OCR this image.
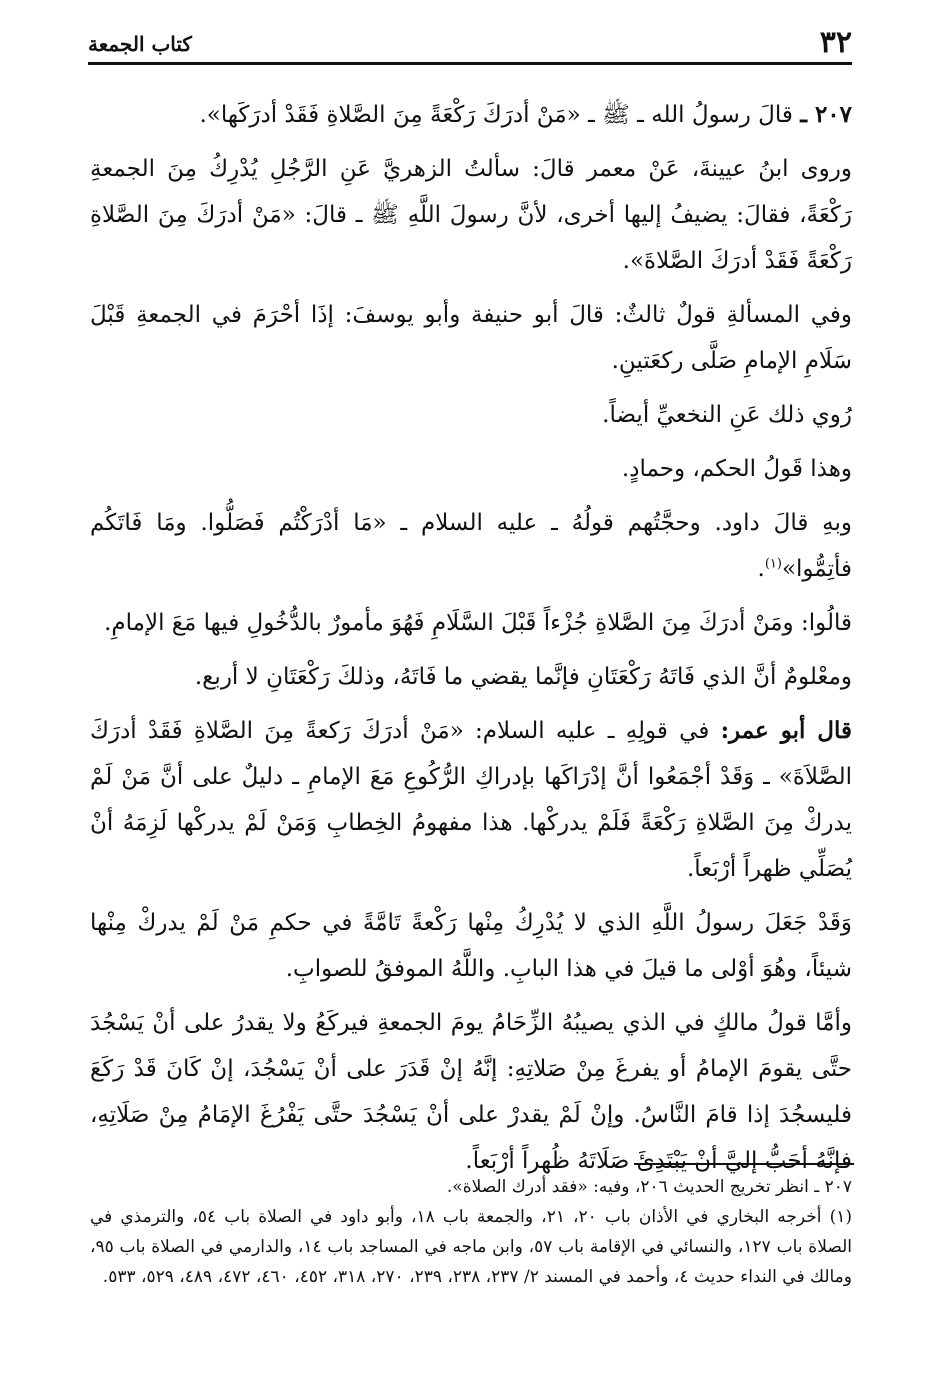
٣٢
كتاب الجمعة

٢٠٧ ـ قالَ رسولُ الله ـ ﷺ ـ «مَنْ أدرَكَ رَكْعَةً مِنَ الصَّلاةِ فَقَدْ أدرَكَها».

وروى ابنُ عيينةَ، عَنْ معمر قالَ: سألتُ الزهريَّ عَنِ الرَّجُلِ يُدْرِكُ مِنَ الجمعةِ رَكْعَةً، فقالَ: يضيفُ إليها أخرى، لأنَّ رسولَ اللَّهِ ﷺ ـ قالَ: «مَنْ أدرَكَ مِنَ الصَّلاةِ رَكْعَةً فَقَدْ أدرَكَ الصَّلاةَ».

وفي المسألةِ قولٌ ثالثٌ: قالَ أبو حنيفة وأبو يوسفَ: إذَا أحْرَمَ في الجمعةِ قَبْلَ سَلَامِ الإمامِ صَلَّى ركعَتينِ.

رُوي ذلك عَنِ النخعيِّ أيضاً.

وهذا قَولُ الحكم، وحمادٍ.

وبهِ قالَ داود. وحجَّتُهم قولُهُ ـ عليه السلام ـ «مَا أدْرَكْتُم فَصَلُّوا. ومَا فَاتَكُم فأتِمُّوا»$^{(١)}$.

قالُوا: ومَنْ أدرَكَ مِنَ الصَّلاةِ جُزْءاً قَبْلَ السَّلَامِ فَهُوَ مأمورٌ بالدُّخُولِ فيها مَعَ الإمامِ.

ومعْلومٌ أنَّ الذي فَاتَهُ رَكْعَتَانِ فإنَّما يقضي ما فَاتَهُ، وذلكَ رَكْعَتَانِ لا أربع.

قال أبو عمر: في قولِهِ ـ عليه السلام: «مَنْ أدرَكَ رَكعةً مِنَ الصَّلاةِ فَقَدْ أدرَكَ الصَّلاَةَ» ـ وَقَدْ أجْمَعُوا أنَّ إدْرَاكَها بإدراكِ الرُّكُوعِ مَعَ الإمامِ ـ دليلٌ على أنَّ مَنْ لَمْ يدركْ مِنَ الصَّلاةِ رَكْعَةً فَلَمْ يدركْها. هذا مفهومُ الخِطابِ وَمَنْ لَمْ يدركْها لَزِمَهُ أنْ يُصَلِّي ظهراً أرْبَعاً.

وَقَدْ جَعَلَ رسولُ اللَّهِ الذي لا يُدْرِكُ مِنْها رَكْعةً تَامَّةً في حكمِ مَنْ لَمْ يدركْ مِنْها شيئاً، وهُوَ أوْلى ما قيلَ في هذا البابِ. واللَّهُ الموفقُ للصوابِ.

وأمَّا قولُ مالكٍ في الذي يصيبُهُ الزِّحَامُ يومَ الجمعةِ فيركَعُ ولا يقدرُ على أنْ يَسْجُدَ حتَّى يقومَ الإمامُ أو يفرغَ مِنْ صَلاتِهِ: إنَّهُ إنْ قَدَرَ على أنْ يَسْجُدَ، إنْ كَانَ قَدْ رَكَعَ فليسجُدَ إذا قامَ النَّاسُ. وإنْ لَمْ يقدرْ على أنْ يَسْجُدَ حتَّى يَفْرُغَ الإمَامُ مِنْ صَلَاتِهِ، فإنَّهُ أحَبُّ إليَّ أنْ يَبْتَدِئَ صَلَاتَهُ ظُهراً أرْبَعاً.

٢٠٧ ـ انظر تخريج الحديث ٢٠٦، وفيه: «فقد أدرك الصلاة».

(١) أخرجه البخاري في الأذان باب ٢٠، ٢١، والجمعة باب ١٨، وأبو داود في الصلاة باب ٥٤، والترمذي في الصلاة باب ١٢٧، والنسائي في الإقامة باب ٥٧، وابن ماجه في المساجد باب ١٤، والدارمي في الصلاة باب ٩٥، ومالك في النداء حديث ٤، وأحمد في المسند ٢/ ٢٣٧، ٢٣٨، ٢٣٩، ٢٧٠، ٣١٨، ٤٥٢، ٤٦٠، ٤٧٢، ٤٨٩، ٥٢٩، ٥٣٣.
